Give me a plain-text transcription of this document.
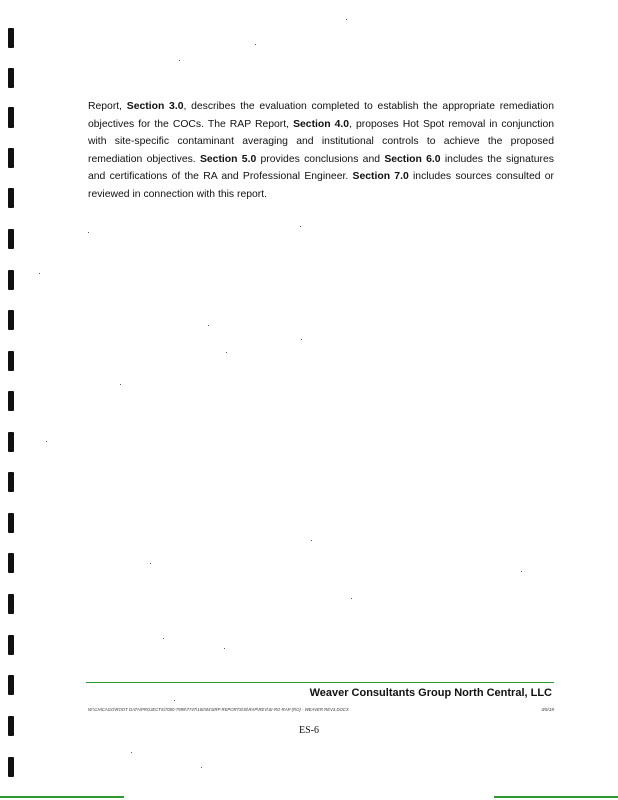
Report, Section 3.0, describes the evaluation completed to establish the appropriate remediation objectives for the COCs. The RAP Report, Section 4.0, proposes Hot Spot removal in conjunction with site-specific contaminant averaging and institutional controls to achieve the proposed remediation objectives. Section 5.0 provides conclusions and Section 6.0 includes the signatures and certifications of the RA and Professional Engineer. Section 7.0 includes sources consulted or reviewed in connection with this report.

Weaver Consultants Group North Central, LLC
W:\CHICAGO\ROOT DATA\PROJECTS\7000-7999\7747\100\04\SRP REPORTS\SI\RAP\REV\SI-RO-RAP (RO) - WEAVER REV3.DOCX	3/5/19
ES-6
